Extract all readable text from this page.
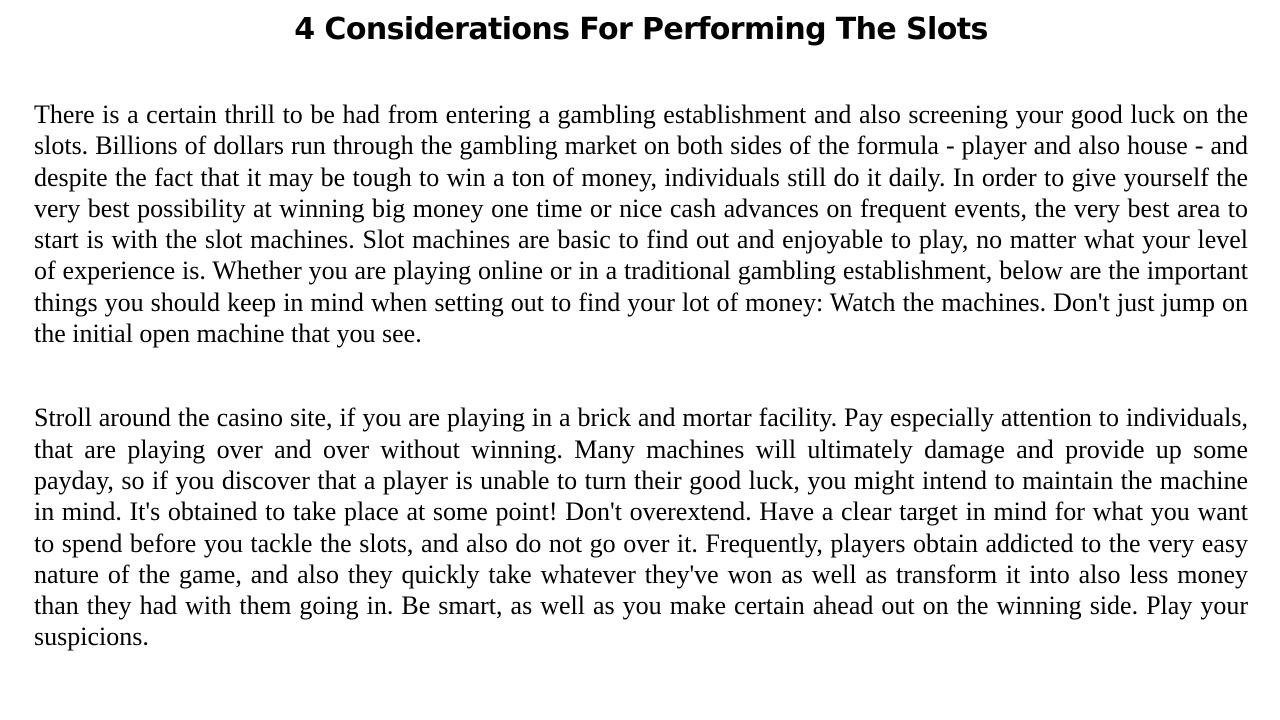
4 Considerations For Performing The Slots

There is a certain thrill to be had from entering a gambling establishment and also screening your good luck on the slots. Billions of dollars run through the gambling market on both sides of the formula - player and also house - and despite the fact that it may be tough to win a ton of money, individuals still do it daily. In order to give yourself the very best possibility at winning big money one time or nice cash advances on frequent events, the very best area to start is with the slot machines. Slot machines are basic to find out and enjoyable to play, no matter what your level of experience is. Whether you are playing online or in a traditional gambling establishment, below are the important things you should keep in mind when setting out to find your lot of money: Watch the machines. Don't just jump on the initial open machine that you see.

Stroll around the casino site, if you are playing in a brick and mortar facility. Pay especially attention to individuals, that are playing over and over without winning. Many machines will ultimately damage and provide up some payday, so if you discover that a player is unable to turn their good luck, you might intend to maintain the machine in mind. It's obtained to take place at some point! Don't overextend. Have a clear target in mind for what you want to spend before you tackle the slots, and also do not go over it. Frequently, players obtain addicted to the very easy nature of the game, and also they quickly take whatever they've won as well as transform it into also less money than they had with them going in. Be smart, as well as you make certain ahead out on the winning side. Play your suspicions.
